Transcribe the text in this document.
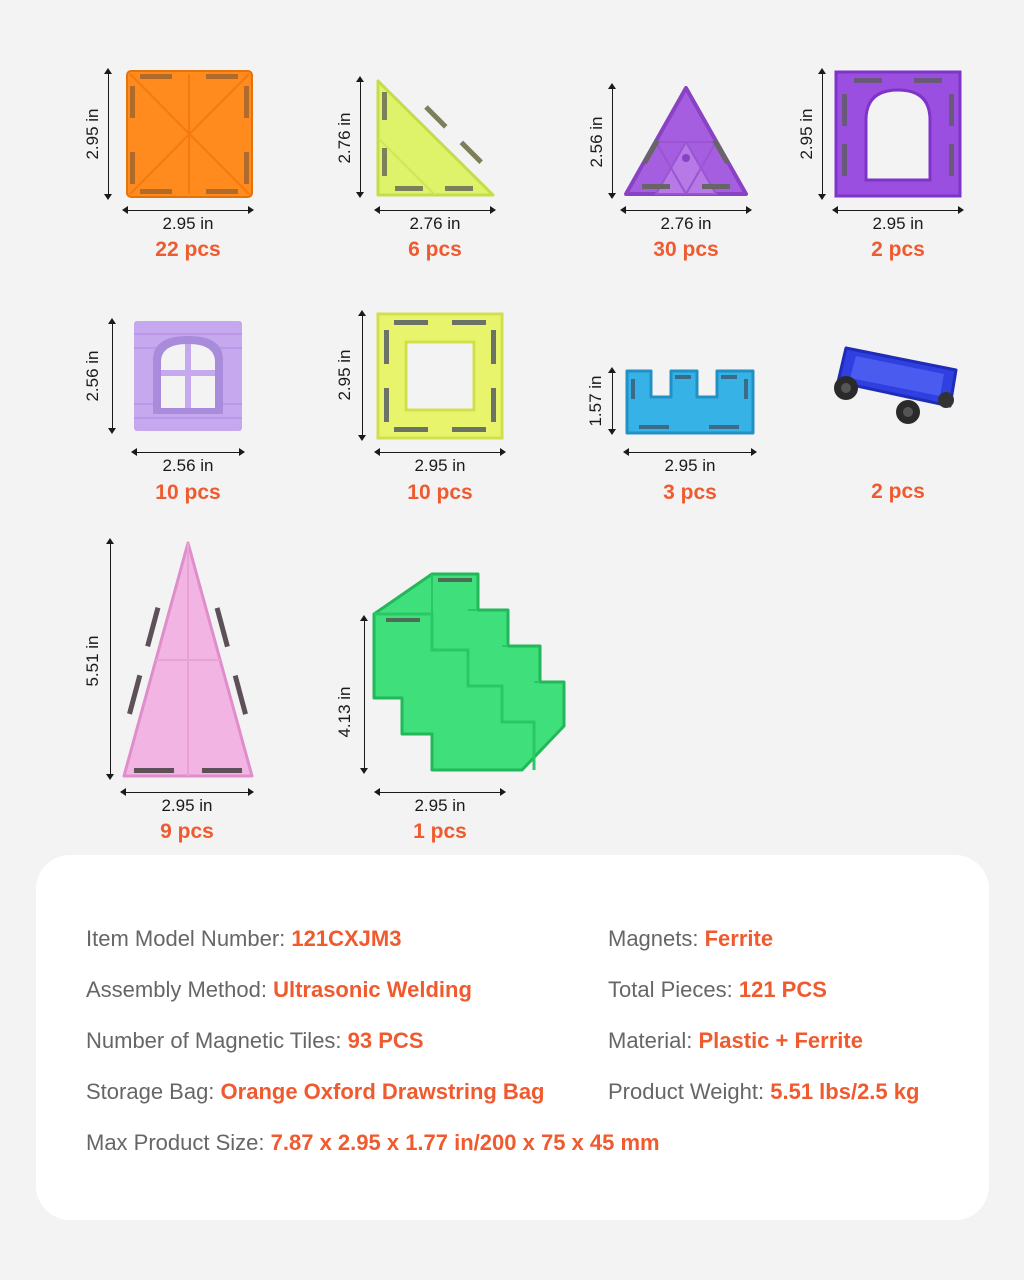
2.95 in
2.95 in
22 pcs
2.76 in
2.76 in
6 pcs
2.56 in
2.76 in
30 pcs
2.95 in
2.95 in
2 pcs
2.56 in
2.56 in
10 pcs
2.95 in
2.95 in
10 pcs
1.57 in
2.95 in
3 pcs	2 pcs
5.51 in
2.95 in
9 pcs
4.13 in
2.95 in
1 pcs
Item Model Number: 121CXJM3	Magnets: Ferrite
Assembly Method: Ultrasonic Welding	Total Pieces: 121 PCS
Number of Magnetic Tiles: 93 PCS	Material: Plastic + Ferrite
Storage Bag: Orange Oxford Drawstring Bag	Product Weight: 5.51 lbs/2.5 kg
Max Product Size: 7.87 x 2.95 x 1.77 in/200 x 75 x 45 mm
